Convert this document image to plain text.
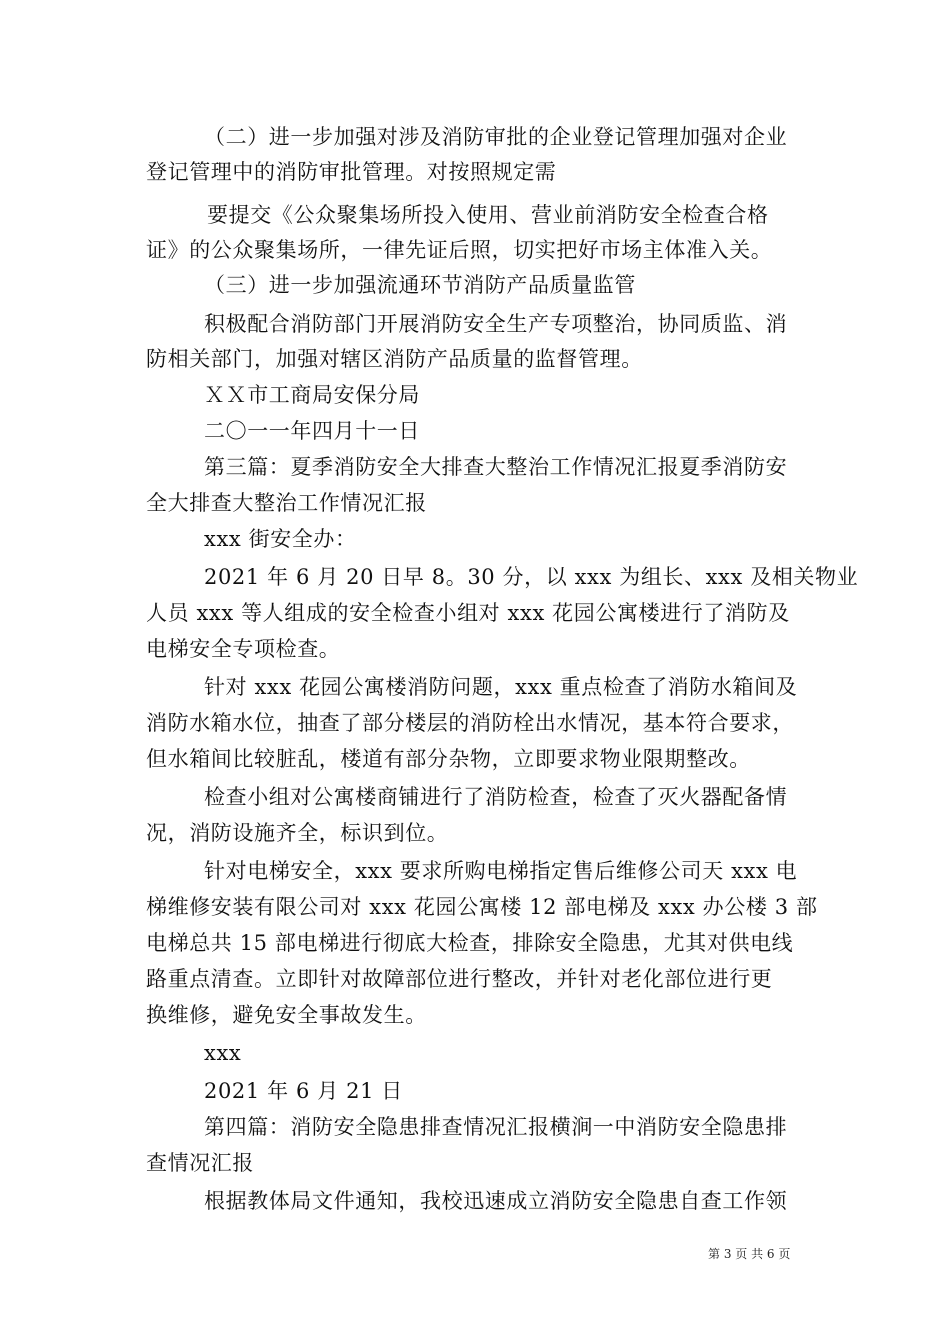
（二）进一步加强对涉及消防审批的企业登记管理加强对企业
登记管理中的消防审批管理。对按照规定需
要提交《公众聚集场所投入使用、营业前消防安全检查合格
证》的公众聚集场所，一律先证后照，切实把好市场主体准入关。
（三）进一步加强流通环节消防产品质量监管
积极配合消防部门开展消防安全生产专项整治，协同质监、消
防相关部门，加强对辖区消防产品质量的监督管理。
ＸＸ市工商局安保分局
二〇一一年四月十一日
第三篇：夏季消防安全大排查大整治工作情况汇报夏季消防安
全大排查大整治工作情况汇报
xxx 街安全办：
2021 年 6 月 20 日早 8。30 分，以 xxx 为组长、xxx 及相关物业
人员 xxx 等人组成的安全检查小组对 xxx 花园公寓楼进行了消防及
电梯安全专项检查。
针对 xxx 花园公寓楼消防问题，xxx 重点检查了消防水箱间及
消防水箱水位，抽查了部分楼层的消防栓出水情况，基本符合要求，
但水箱间比较脏乱，楼道有部分杂物，立即要求物业限期整改。
检查小组对公寓楼商铺进行了消防检查，检查了灭火器配备情
况，消防设施齐全，标识到位。
针对电梯安全，xxx 要求所购电梯指定售后维修公司天 xxx 电
梯维修安装有限公司对 xxx 花园公寓楼 12 部电梯及 xxx 办公楼 3 部
电梯总共 15 部电梯进行彻底大检查，排除安全隐患，尤其对供电线
路重点清查。立即针对故障部位进行整改，并针对老化部位进行更
换维修，避免安全事故发生。
xxx
2021 年 6 月 21 日
第四篇：消防安全隐患排查情况汇报横涧一中消防安全隐患排
查情况汇报
根据教体局文件通知，我校迅速成立消防安全隐患自查工作领
第 3 页 共 6 页
